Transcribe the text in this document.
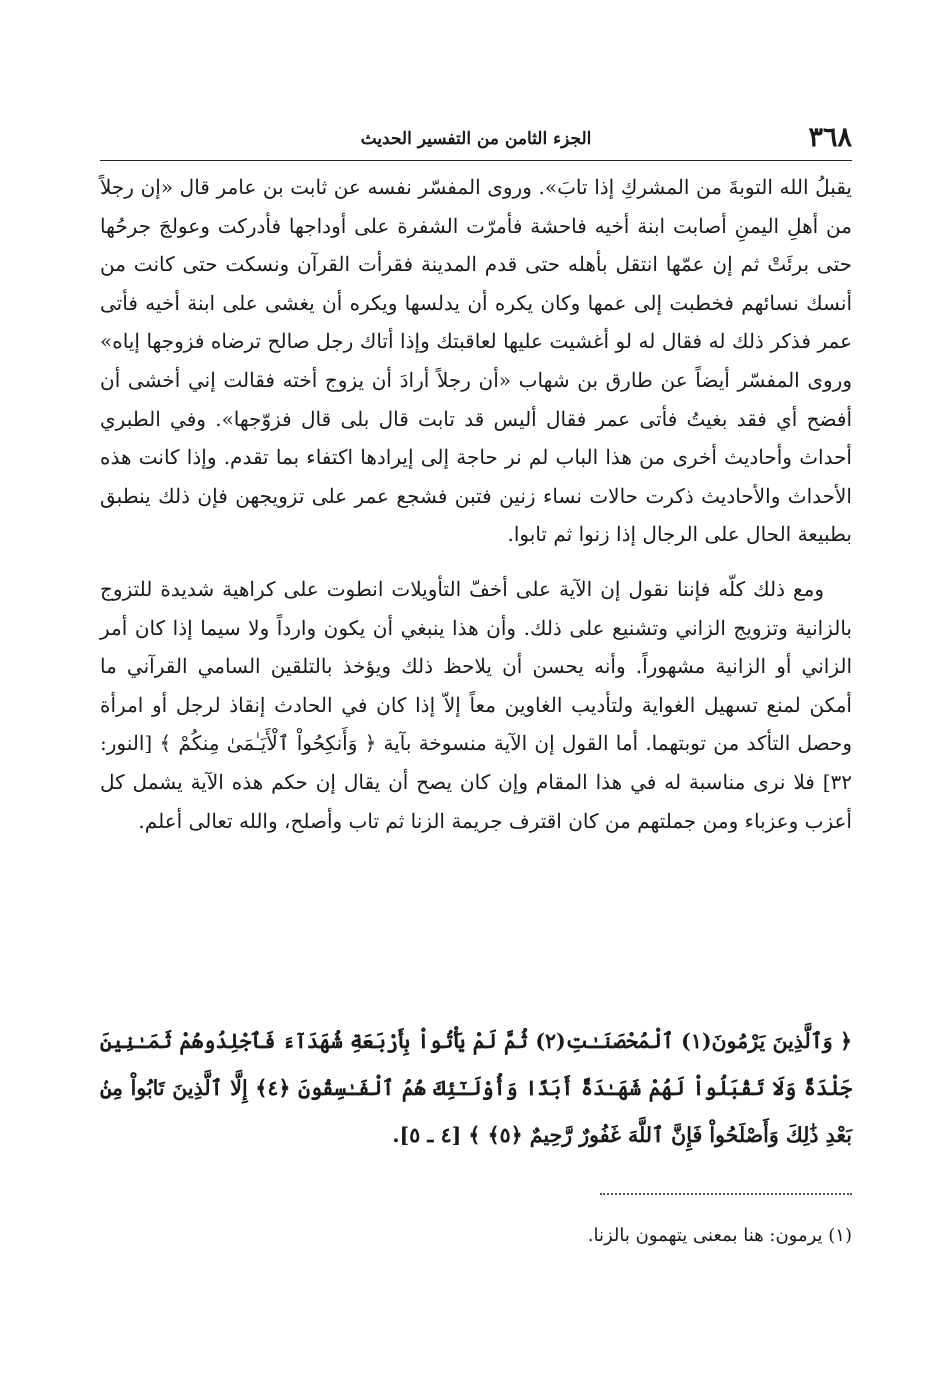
٣٦٨
الجزء الثامن من التفسير الحديث

يقبلُ الله التوبةَ من المشركِ إذا تابَ». وروى المفسّر نفسه عن ثابت بن عامر قال «إن رجلاً من أهلِ اليمنِ أصابت ابنة أخيه فاحشة فأمرّت الشفرة على أوداجها فأدركت وعولجَ جرحُها حتى برئَتْ ثم إن عمّها انتقل بأهله حتى قدم المدينة فقرأت القرآن ونسكت حتى كانت من أنسك نسائهم فخطبت إلى عمها وكان يكره أن يدلسها ويكره أن يغشى على ابنة أخيه فأتى عمر فذكر ذلك له فقال له لو أغشيت عليها لعاقبتك وإذا أتاك رجل صالح ترضاه فزوجها إياه» وروى المفسّر أيضاً عن طارق بن شهاب «أن رجلاً أرادَ أن يزوج أخته فقالت إني أخشى أن أفضح أي فقد بغيتُ فأتى عمر فقال أليس قد تابت قال بلى قال فزوّجها». وفي الطبري أحداث وأحاديث أخرى من هذا الباب لم نر حاجة إلى إيرادها اكتفاء بما تقدم. وإذا كانت هذه الأحداث والأحاديث ذكرت حالات نساء زنين فتبن فشجع عمر على تزويجهن فإن ذلك ينطبق بطبيعة الحال على الرجال إذا زنوا ثم تابوا.

ومع ذلك كلّه فإننا نقول إن الآية على أخفّ التأويلات انطوت على كراهية شديدة للتزوج بالزانية وتزويج الزاني وتشنيع على ذلك. وأن هذا ينبغي أن يكون وارداً ولا سيما إذا كان أمر الزاني أو الزانية مشهوراً. وأنه يحسن أن يلاحظ ذلك ويؤخذ بالتلقين السامي القرآني ما أمكن لمنع تسهيل الغواية ولتأديب الغاوين معاً إلاّ إذا كان في الحادث إنقاذ لرجل أو امرأة وحصل التأكد من توبتهما. أما القول إن الآية منسوخة بآية ﴿ وَأَنكِحُواْ ٱلْأَيَـٰمَىٰ مِنكُمْ ﴾ [النور: ٣٢] فلا نرى مناسبة له في هذا المقام وإن كان يصح أن يقال إن حكم هذه الآية يشمل كل أعزب وعزباء ومن جملتهم من كان اقترف جريمة الزنا ثم تاب وأصلح، والله تعالى أعلم.

﴿ وَٱلَّذِينَ يَرْمُونَ(١) ٱلْمُحْصَنَـٰتِ(٢) ثُمَّ لَمْ يَأْتُواْ بِأَرْبَعَةِ شُهَدَآءَ فَٱجْلِدُوهُمْ ثَمَـٰنِينَ جَلْدَةً وَلَا تَقْبَلُواْ لَهُمْ شَهَـٰدَةً أَبَدًا وَأُوْلَـٰٓئِكَ هُمُ ٱلْفَـٰسِقُونَ ﴿٤﴾ إِلَّا ٱلَّذِينَ تَابُواْ مِنۢ بَعْدِ ذَٰلِكَ وَأَصْلَحُواْ فَإِنَّ ٱللَّهَ غَفُورٌ رَّحِيمٌ ﴿٥﴾ ﴾ [٤ ـ ٥].
(١) يرمون: هنا بمعنى يتهمون بالزنا.
